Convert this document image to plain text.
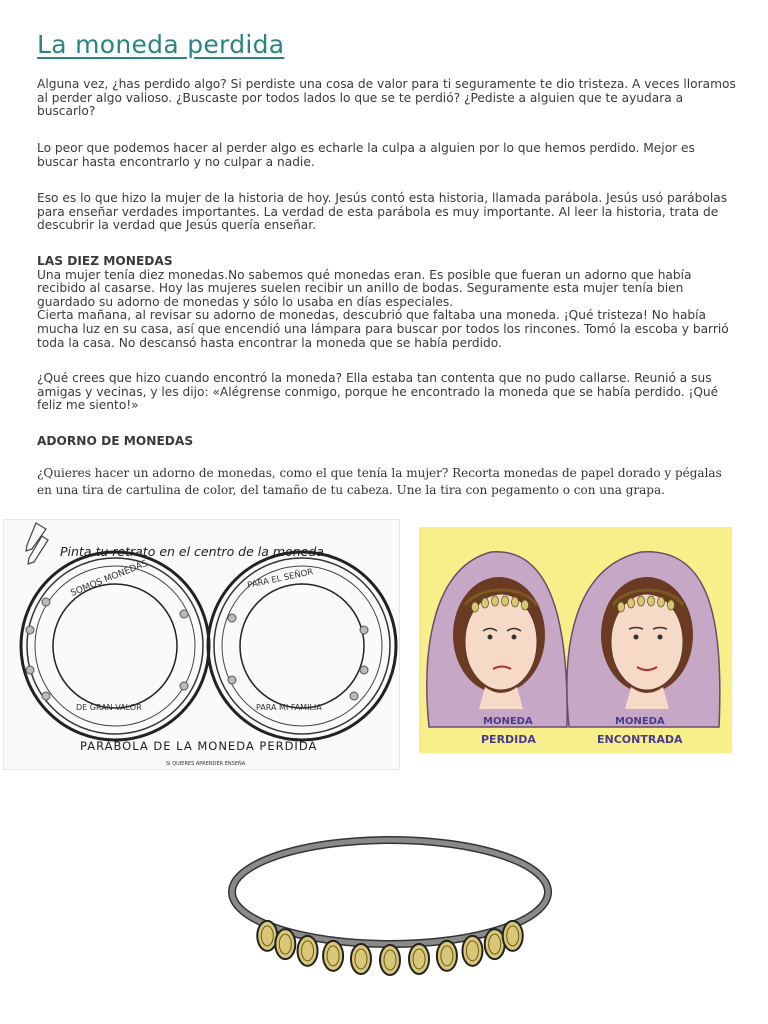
La moneda perdida
Alguna vez, ¿has perdido algo? Si perdiste una cosa de valor para ti seguramente te dio tristeza. A veces lloramos al perder algo valioso. ¿Buscaste por todos lados lo que se te perdió? ¿Pediste a alguien que te ayudara a buscarlo?
Lo peor que podemos hacer al perder algo es echarle la culpa a alguien por lo que hemos perdido. Mejor es buscar hasta encontrarlo y no culpar a nadie.
Eso es lo que hizo la mujer de la historia de hoy. Jesús contó esta historia, llamada parábola. Jesús usó parábolas para enseñar verdades importantes. La verdad de esta parábola es muy importante. Al leer la historia, trata de descubrir la verdad que Jesús quería enseñar.
LAS DIEZ MONEDAS
Una mujer tenía diez monedas.No sabemos qué monedas eran. Es posible que fueran un adorno que había recibido al casarse. Hoy las mujeres suelen recibir un anillo de bodas. Seguramente esta mujer tenía bien guardado su adorno de monedas y sólo lo usaba en días especiales.
Cierta mañana, al revisar su adorno de monedas, descubrió que faltaba una moneda. ¡Qué tristeza! No había mucha luz en su casa, así que encendió una lámpara para buscar por todos los rincones. Tomó la escoba y barrió toda la casa. No descansó hasta encontrar la moneda que se había perdido.
¿Qué crees que hizo cuando encontró la moneda? Ella estaba tan contenta que no pudo callarse. Reunió a sus amigas y vecinas, y les dijo: «Alégrense conmigo, porque he encontrado la moneda que se había perdido. ¡Qué feliz me siento!»
ADORNO DE MONEDAS
¿Quieres hacer un adorno de monedas, como el que tenía la mujer? Recorta monedas de papel dorado y pégalas en una tira de cartulina de color, del tamaño de tu cabeza. Une la tira con pegamento o con una grapa.
Pinta tu retrato en el centro de la moneda
SOMOS MONEDAS
DE GRAN VALOR
PARA EL SEÑOR
PARA MI FAMILIA
PARÁBOLA DE LA MONEDA PERDIDA
SI QUIERES APRENDER ENSEÑA
MONEDA
PERDIDA
MONEDA
ENCONTRADA
